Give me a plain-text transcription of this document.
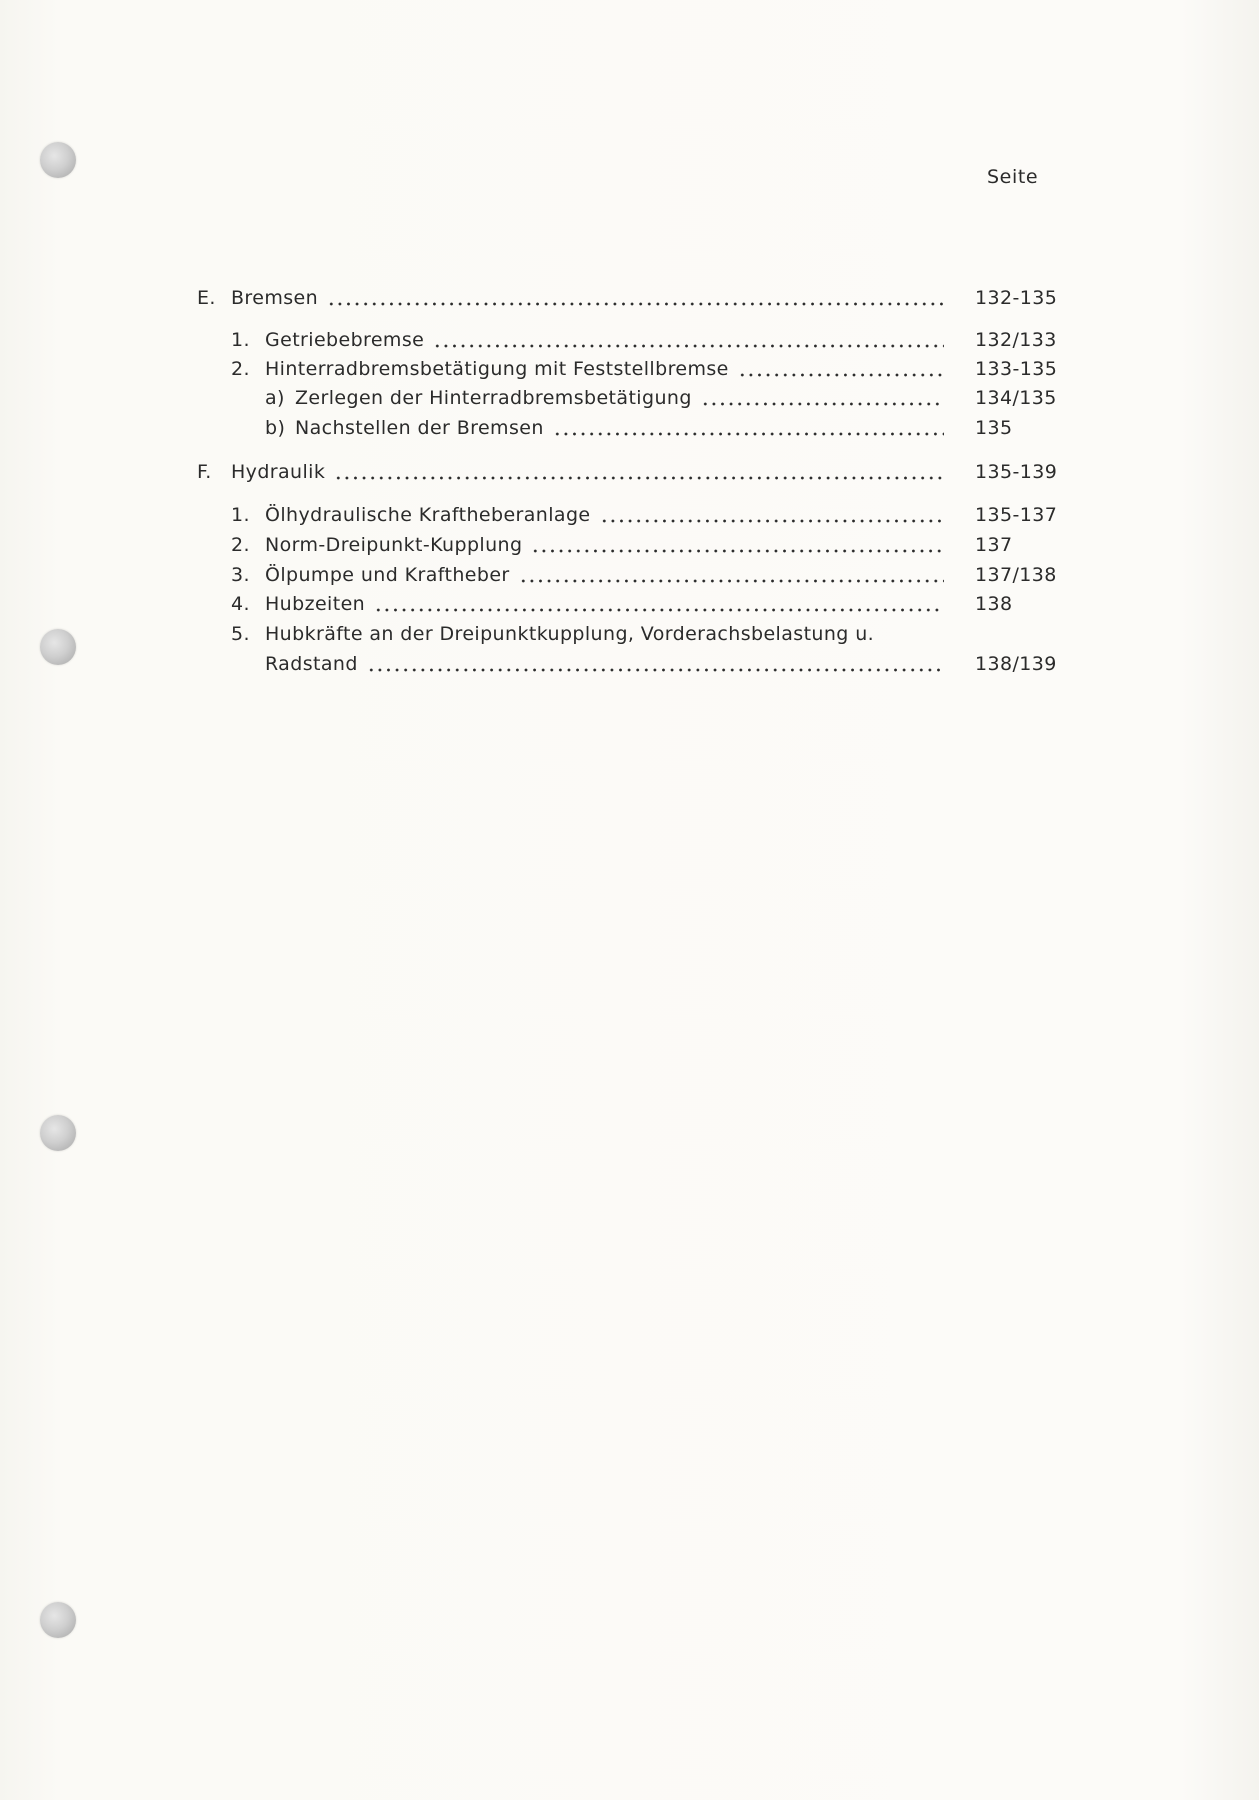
Seite
E. Bremsen	132-135
1. Getriebebremse	132/133
2. Hinterradbremsbetätigung mit Feststellbremse	133-135
a) Zerlegen der Hinterradbremsbetätigung	134/135
b) Nachstellen der Bremsen	135
F. Hydraulik	135-139
1. Ölhydraulische Kraftheberanlage	135-137
2. Norm-Dreipunkt-Kupplung	137
3. Ölpumpe und Kraftheber	137/138
4. Hubzeiten	138
5. Hubkräfte an der Dreipunktkupplung, Vorderachsbelastung u.
Radstand	138/139
